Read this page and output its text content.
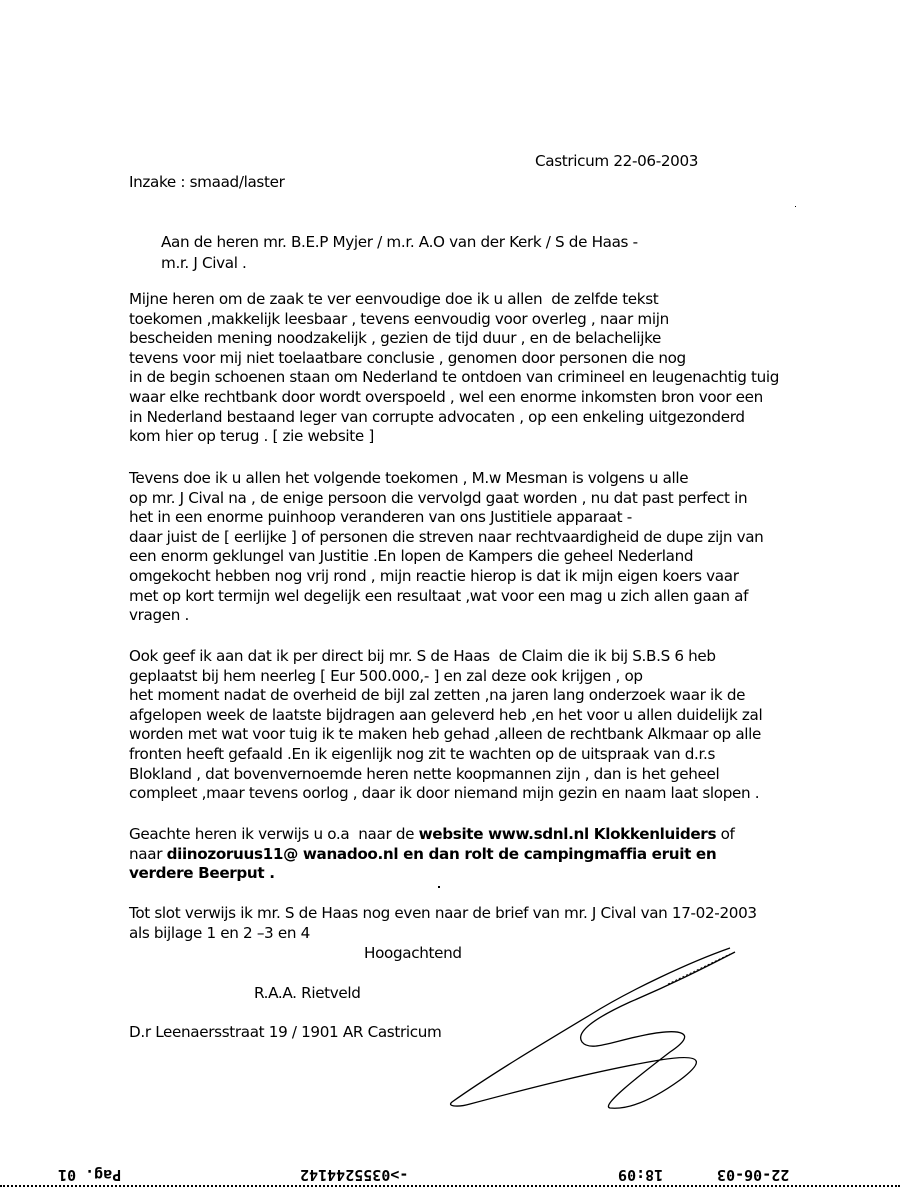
Castricum 22-06-2003
Inzake : smaad/laster
Aan de heren mr. B.E.P Myjer / m.r. A.O van der Kerk / S de Haas -
m.r. J Cival .
Mijne heren om de zaak te ver eenvoudige doe ik u allen  de zelfde tekst
toekomen ,makkelijk leesbaar , tevens eenvoudig voor overleg , naar mijn
bescheiden mening noodzakelijk , gezien de tijd duur , en de belachelijke
tevens voor mij niet toelaatbare conclusie , genomen door personen die nog
in de begin schoenen staan om Nederland te ontdoen van crimineel en leugenachtig tuig
waar elke rechtbank door wordt overspoeld , wel een enorme inkomsten bron voor een
in Nederland bestaand leger van corrupte advocaten , op een enkeling uitgezonderd
kom hier op terug . [ zie website ]
Tevens doe ik u allen het volgende toekomen , M.w Mesman is volgens u alle
op mr. J Cival na , de enige persoon die vervolgd gaat worden , nu dat past perfect in
het in een enorme puinhoop veranderen van ons Justitiele apparaat -
daar juist de [ eerlijke ] of personen die streven naar rechtvaardigheid de dupe zijn van
een enorm geklungel van Justitie .En lopen de Kampers die geheel Nederland
omgekocht hebben nog vrij rond , mijn reactie hierop is dat ik mijn eigen koers vaar
met op kort termijn wel degelijk een resultaat ,wat voor een mag u zich allen gaan af
vragen .
Ook geef ik aan dat ik per direct bij mr. S de Haas  de Claim die ik bij S.B.S 6 heb
geplaatst bij hem neerleg [ Eur 500.000,- ] en zal deze ook krijgen , op
het moment nadat de overheid de bijl zal zetten ,na jaren lang onderzoek waar ik de
afgelopen week de laatste bijdragen aan geleverd heb ,en het voor u allen duidelijk zal
worden met wat voor tuig ik te maken heb gehad ,alleen de rechtbank Alkmaar op alle
fronten heeft gefaald .En ik eigenlijk nog zit te wachten op de uitspraak van d.r.s
Blokland , dat bovenvernoemde heren nette koopmannen zijn , dan is het geheel
compleet ,maar tevens oorlog , daar ik door niemand mijn gezin en naam laat slopen .
Geachte heren ik verwijs u o.a  naar de website www.sdnl.nl Klokkenluiders of
naar diinozoruus11@ wanadoo.nl en dan rolt de campingmaffia eruit en
verdere Beerput .
Tot slot verwijs ik mr. S de Haas nog even naar de brief van mr. J Cival van 17-02-2003
als bijlage 1 en 2 –3 en 4
Hoogachtend
R.A.A. Rietveld
D.r Leenaersstraat 19 / 1901 AR Castricum
Pag. 01	->0355244142	18:09	22-06-03
